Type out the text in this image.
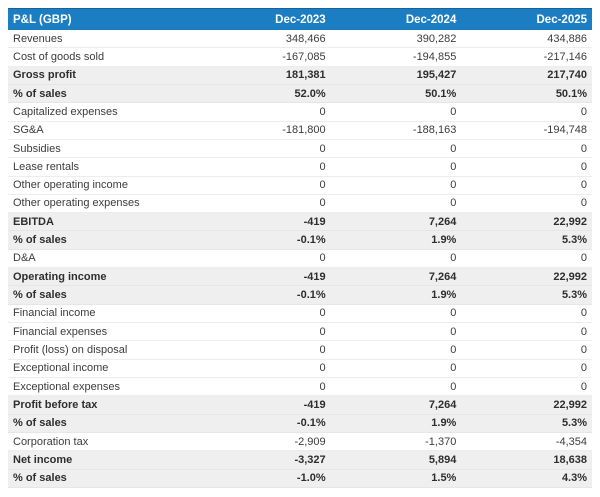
P&L (GBP)	Dec-2023	Dec-2024	Dec-2025
Revenues	348,466	390,282	434,886
Cost of goods sold	-167,085	-194,855	-217,146
Gross profit	181,381	195,427	217,740
% of sales	52.0%	50.1%	50.1%
Capitalized expenses	0	0	0
SG&A	-181,800	-188,163	-194,748
Subsidies	0	0	0
Lease rentals	0	0	0
Other operating income	0	0	0
Other operating expenses	0	0	0
EBITDA	-419	7,264	22,992
% of sales	-0.1%	1.9%	5.3%
D&A	0	0	0
Operating income	-419	7,264	22,992
% of sales	-0.1%	1.9%	5.3%
Financial income	0	0	0
Financial expenses	0	0	0
Profit (loss) on disposal	0	0	0
Exceptional income	0	0	0
Exceptional expenses	0	0	0
Profit before tax	-419	7,264	22,992
% of sales	-0.1%	1.9%	5.3%
Corporation tax	-2,909	-1,370	-4,354
Net income	-3,327	5,894	18,638
% of sales	-1.0%	1.5%	4.3%
